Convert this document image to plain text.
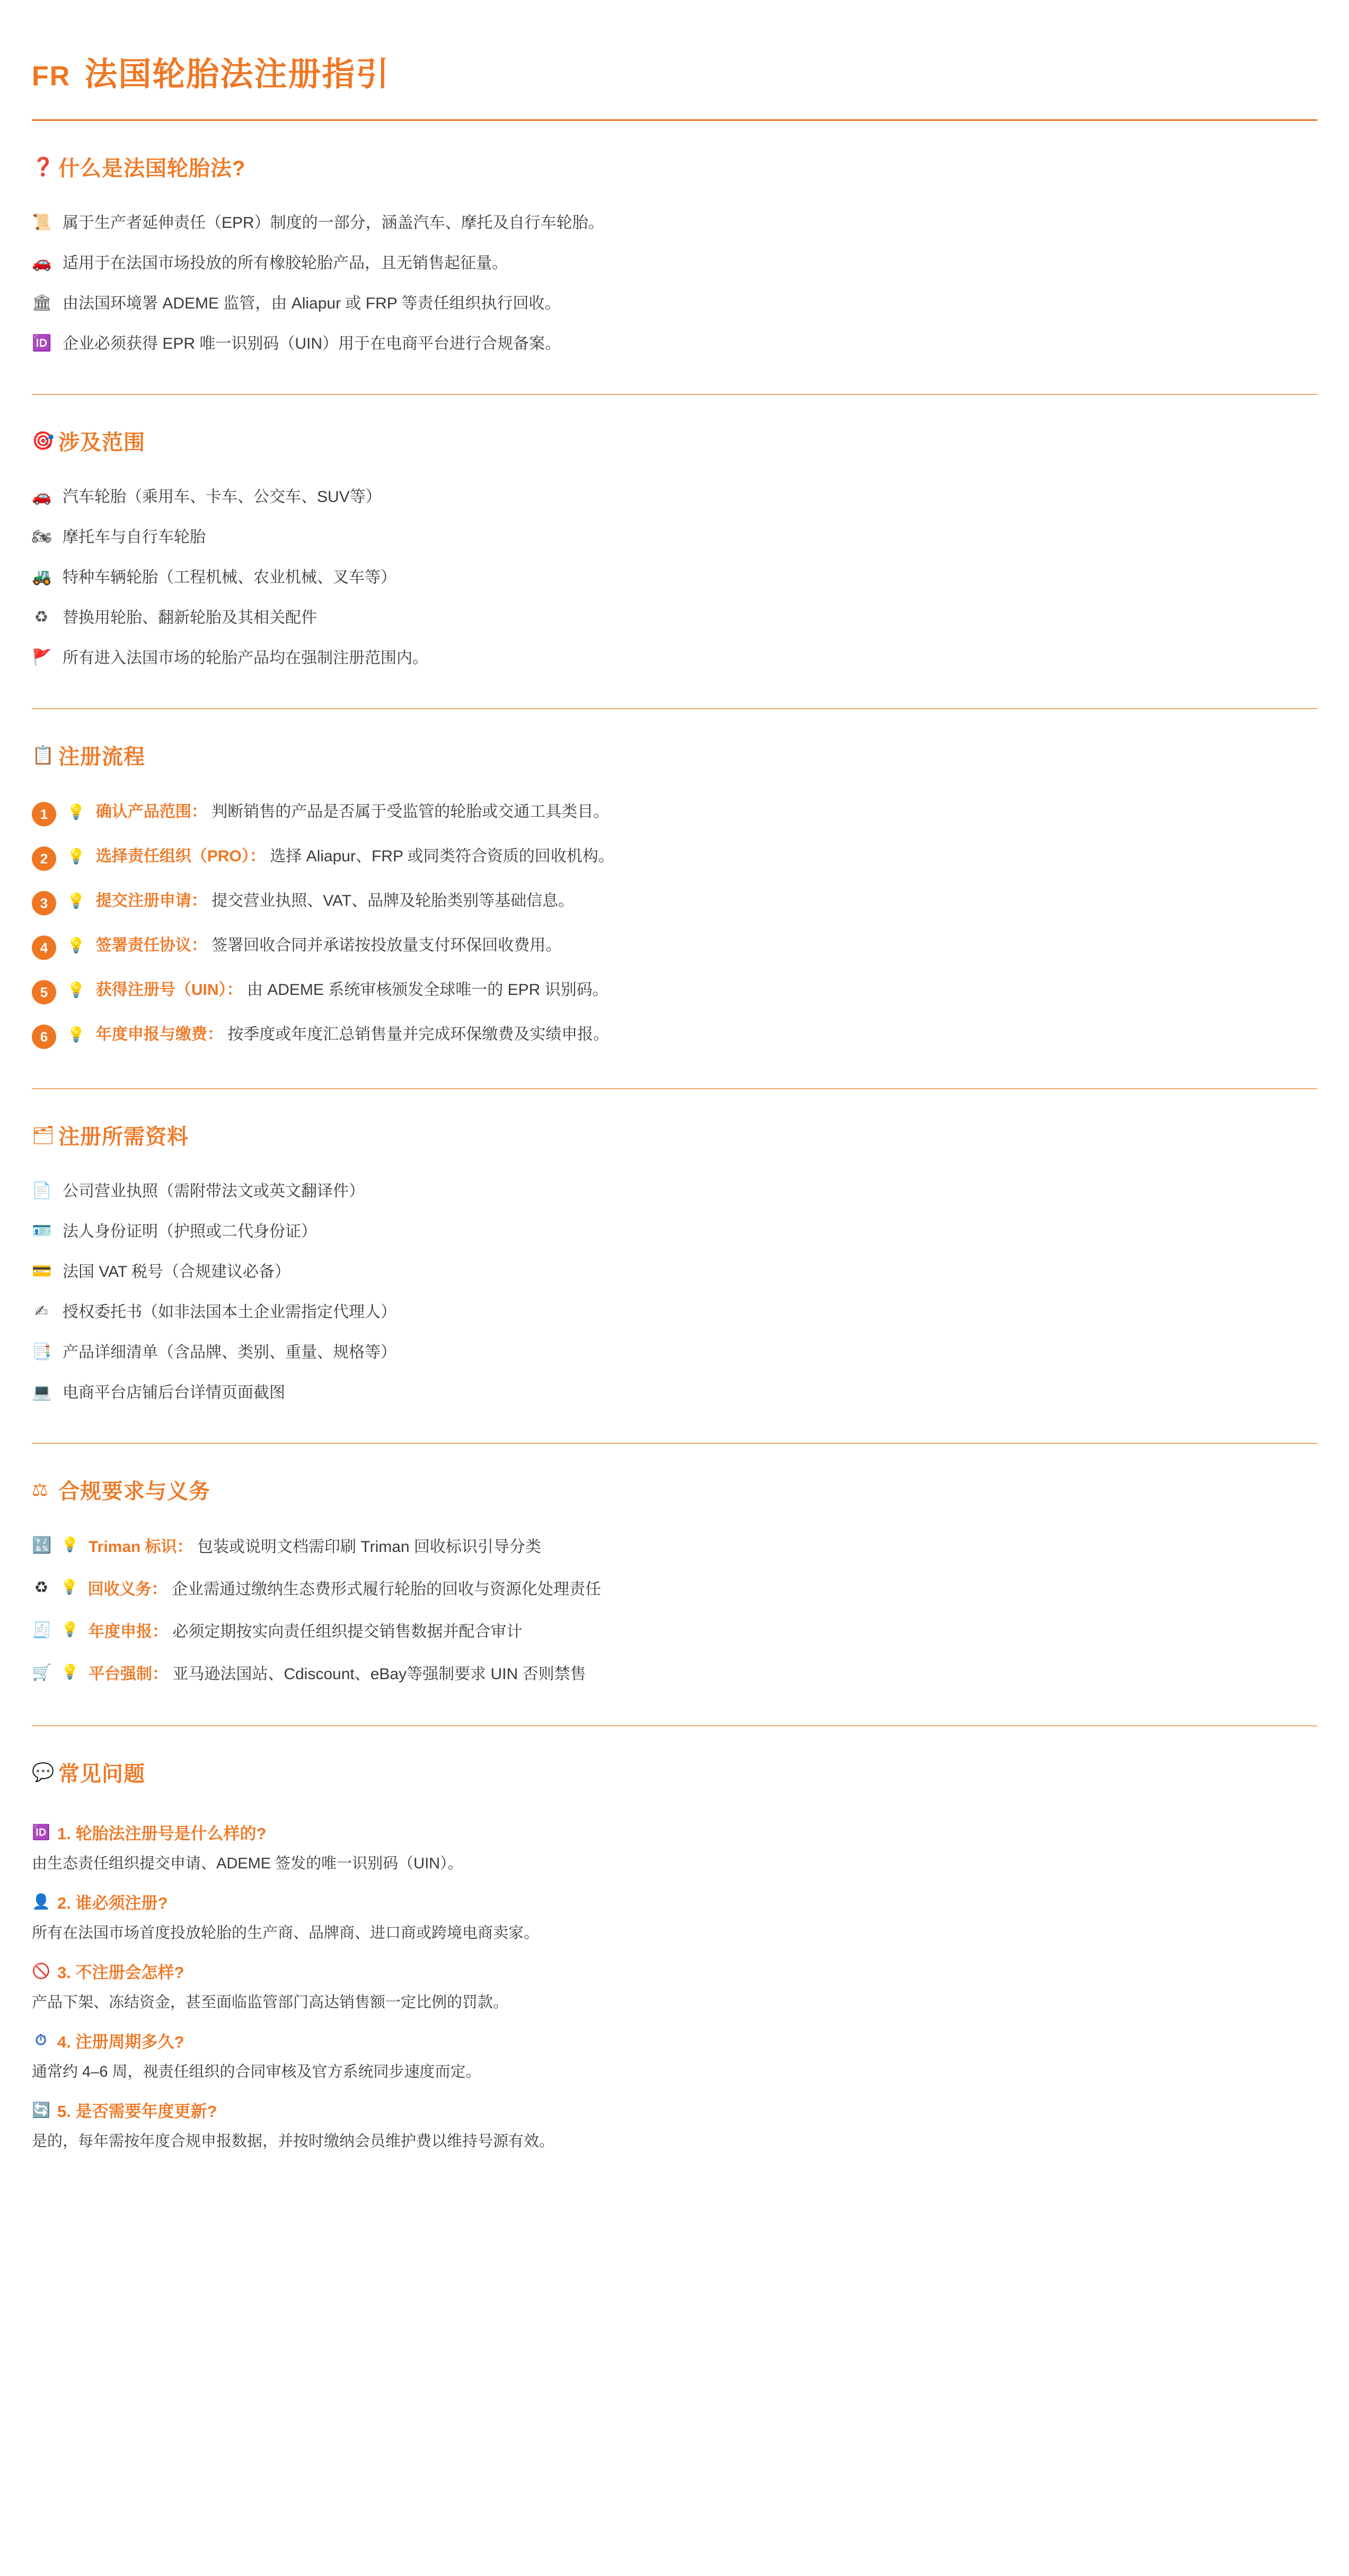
FR 法国轮胎法注册指引
❓ 什么是法国轮胎法?
📜 属于生产者延伸责任（EPR）制度的一部分，涵盖汽车、摩托及自行车轮胎。
🚗 适用于在法国市场投放的所有橡胶轮胎产品，且无销售起征量。
🏛 由法国环境署 ADEME 监管，由 Aliapur 或 FRP 等责任组织执行回收。
🆔 企业必须获得 EPR 唯一识别码（UIN）用于在电商平台进行合规备案。
🎯 涉及范围
🚗 汽车轮胎（乘用车、卡车、公交车、SUV等）
🏍 摩托车与自行车轮胎
🚜 特种车辆轮胎（工程机械、农业机械、叉车等）
♻ 替换用轮胎、翻新轮胎及其相关配件
🚩 所有进入法国市场的轮胎产品均在强制注册范围内。
📋 注册流程
1	💡 确认产品范围： 判断销售的产品是否属于受监管的轮胎或交通工具类目。
2	💡 选择责任组织（PRO）： 选择 Aliapur、FRP 或同类符合资质的回收机构。
3	💡 提交注册申请： 提交营业执照、VAT、品牌及轮胎类别等基础信息。
4	💡 签署责任协议： 签署回收合同并承诺按投放量支付环保回收费用。
5	💡 获得注册号（UIN）： 由 ADEME 系统审核颁发全球唯一的 EPR 识别码。
6	💡 年度申报与缴费： 按季度或年度汇总销售量并完成环保缴费及实绩申报。
🗂 注册所需资料
📄 公司营业执照（需附带法文或英文翻译件）
🪪 法人身份证明（护照或二代身份证）
💳 法国 VAT 税号（合规建议必备）
✍ 授权委托书（如非法国本土企业需指定代理人）
📑 产品详细清单（含品牌、类别、重量、规格等）
💻 电商平台店铺后台详情页面截图
⚖ 合规要求与义务
🔣 💡 Triman 标识： 包装或说明文档需印刷 Triman 回收标识引导分类
♻ 💡 回收义务： 企业需通过缴纳生态费形式履行轮胎的回收与资源化处理责任
🧾 💡 年度申报： 必须定期按实向责任组织提交销售数据并配合审计
🛒 💡 平台强制： 亚马逊法国站、Cdiscount、eBay等强制要求 UIN 否则禁售
💬 常见问题
🆔 1. 轮胎法注册号是什么样的?
由生态责任组织提交申请、ADEME 签发的唯一识别码（UIN）。
👤 2. 谁必须注册?
所有在法国市场首度投放轮胎的生产商、品牌商、进口商或跨境电商卖家。
🚫 3. 不注册会怎样?
产品下架、冻结资金，甚至面临监管部门高达销售额一定比例的罚款。
⏱ 4. 注册周期多久?
通常约 4–6 周，视责任组织的合同审核及官方系统同步速度而定。
🔄 5. 是否需要年度更新?
是的，每年需按年度合规申报数据，并按时缴纳会员维护费以维持号源有效。
